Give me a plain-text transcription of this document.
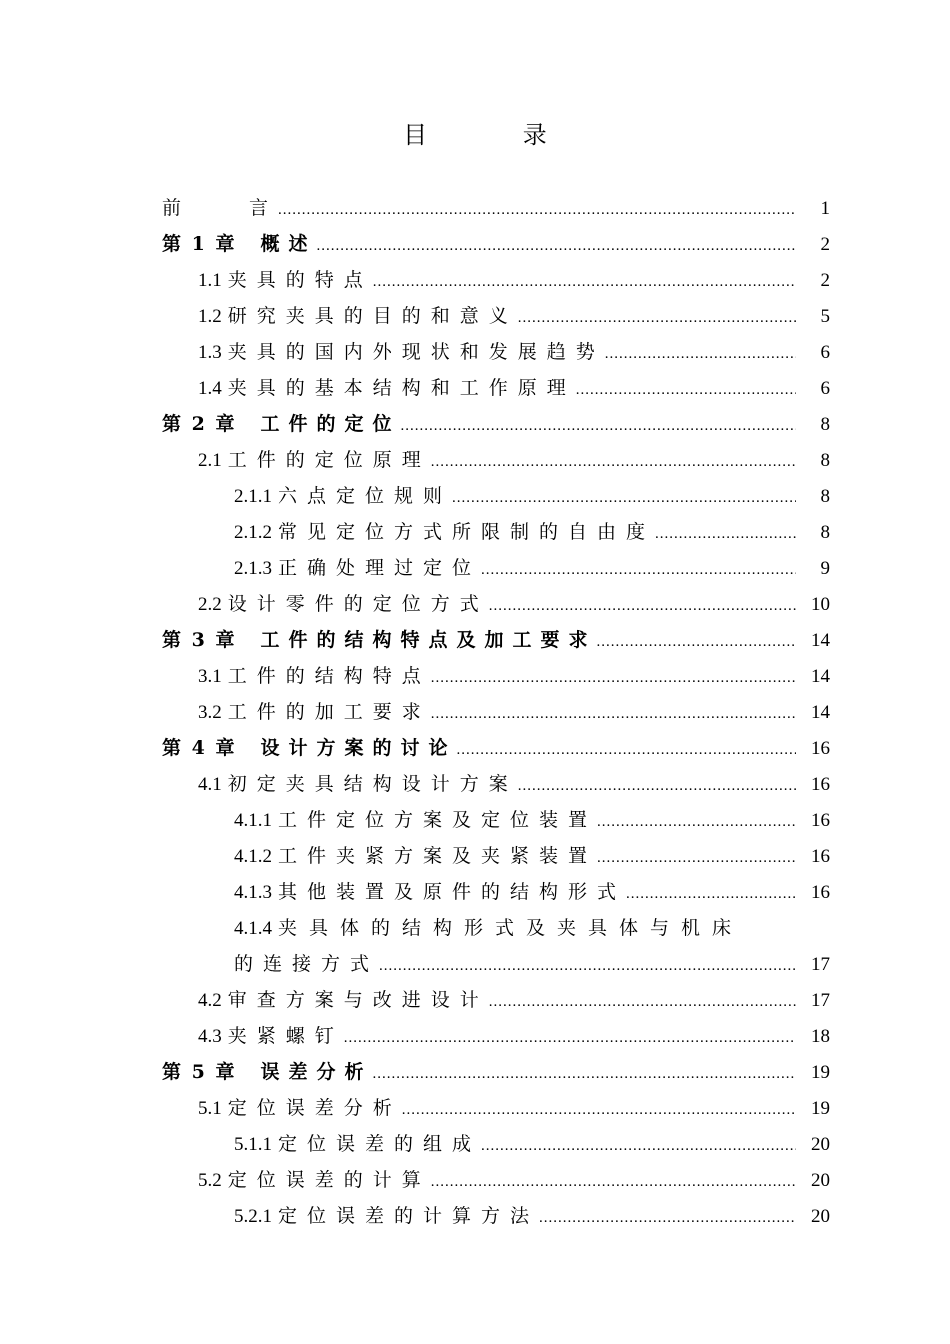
目 录
前　　言 .....	1
第 1 章 概述 .....	2
1.1 夹具的特点 .....	2
1.2 研究夹具的目的和意义 .....	5
1.3 夹具的国内外现状和发展趋势 .....	6
1.4 夹具的基本结构和工作原理 .....	6
第 2 章 工件的定位 .....	8
2.1 工件的定位原理 .....	8
2.1.1 六点定位规则 .....	8
2.1.2 常见定位方式所限制的自由度 .....	8
2.1.3 正确处理过定位 .....	9
2.2 设计零件的定位方式 .....	10
第 3 章 工件的结构特点及加工要求 .....	14
3.1 工件的结构特点 .....	14
3.2 工件的加工要求 .....	14
第 4 章 设计方案的讨论 .....	16
4.1 初定夹具结构设计方案 .....	16
4.1.1 工件定位方案及定位装置 .....	16
4.1.2 工件夹紧方案及夹紧装置 .....	16
4.1.3 其他装置及原件的结构形式 .....	16
4.1.4 夹具体的结构形式及夹具体与机床
的连接方式 .....	17
4.2 审查方案与改进设计 .....	17
4.3 夹紧螺钉 .....	18
第 5 章 误差分析 .....	19
5.1 定位误差分析 .....	19
5.1.1 定位误差的组成 .....	20
5.2 定位误差的计算 .....	20
5.2.1 定位误差的计算方法 .....	20
